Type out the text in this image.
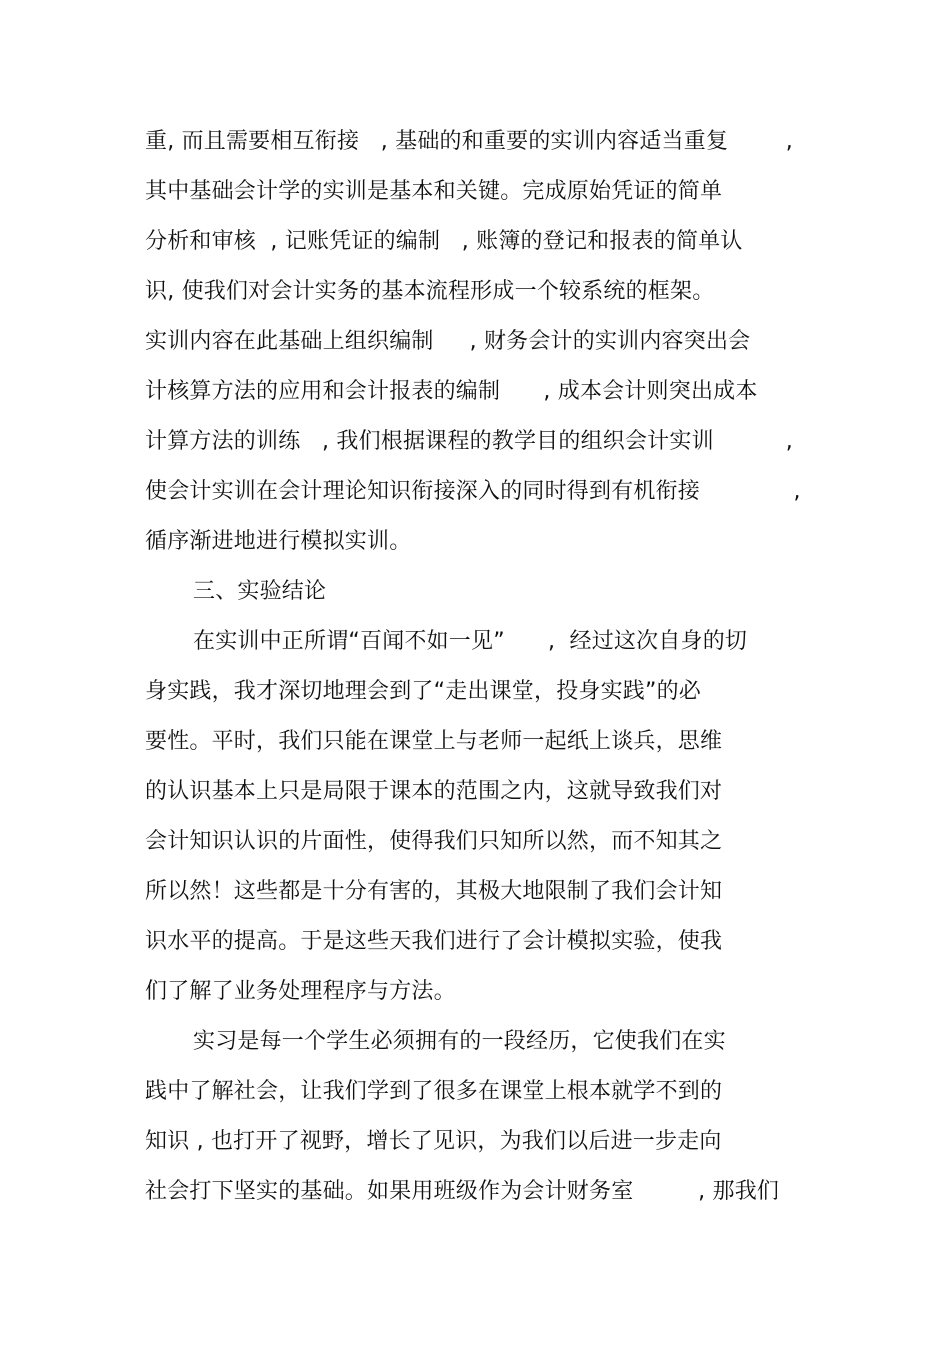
重, 而且需要相互衔接   , 基础的和重要的实训内容适当重复        ,
其中基础会计学的实训是基本和关键。完成原始凭证的简单
分析和审核  , 记账凭证的编制   , 账簿的登记和报表的简单认
识, 使我们对会计实务的基本流程形成一个较系统的框架。
实训内容在此基础上组织编制     , 财务会计的实训内容突出会
计核算方法的应用和会计报表的编制      , 成本会计则突出成本
计算方法的训练   , 我们根据课程的教学目的组织会计实训          ,
使会计实训在会计理论知识衔接深入的同时得到有机衔接             ,
循序渐进地进行模拟实训。
三、实验结论
在实训中正所谓“百闻不如一见”      ,  经过这次自身的切
身实践，我才深切地理会到了“走出课堂，投身实践”的必
要性。平时，我们只能在课堂上与老师一起纸上谈兵，思维
的认识基本上只是局限于课本的范围之内，这就导致我们对
会计知识认识的片面性，使得我们只知所以然，而不知其之
所以然！这些都是十分有害的，其极大地限制了我们会计知
识水平的提高。于是这些天我们进行了会计模拟实验，使我
们了解了业务处理程序与方法。
实习是每一个学生必须拥有的一段经历，它使我们在实
践中了解社会，让我们学到了很多在课堂上根本就学不到的
知识 , 也打开了视野，增长了见识，为我们以后进一步走向
社会打下坚实的基础。如果用班级作为会计财务室         , 那我们
